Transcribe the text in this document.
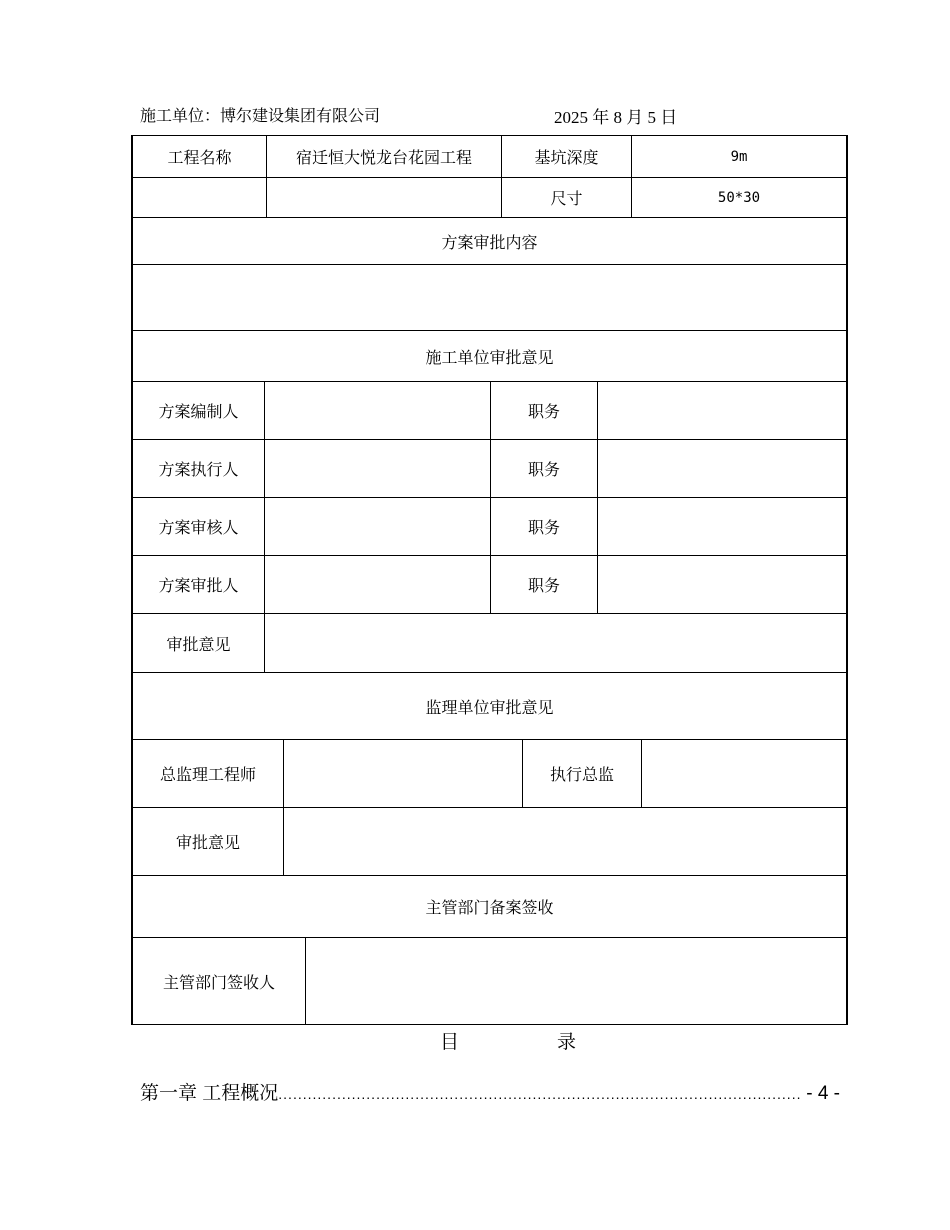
施工单位：博尔建设集团有限公司	2025 年 8 月 5 日
工程名称	宿迁恒大悦龙台花园工程	基坑深度	9m
		尺寸	50*30
方案审批内容			

施工单位审批意见			
方案编制人		职务	
方案执行人		职务	
方案审核人		职务	
方案审批人		职务	
审批意见	
监理单位审批意见
总监理工程师		执行总监	
审批意见			
主管部门备案签收			
主管部门签收人	
目	录
第一章 工程概况 ........................................................................................................... - 4 -
